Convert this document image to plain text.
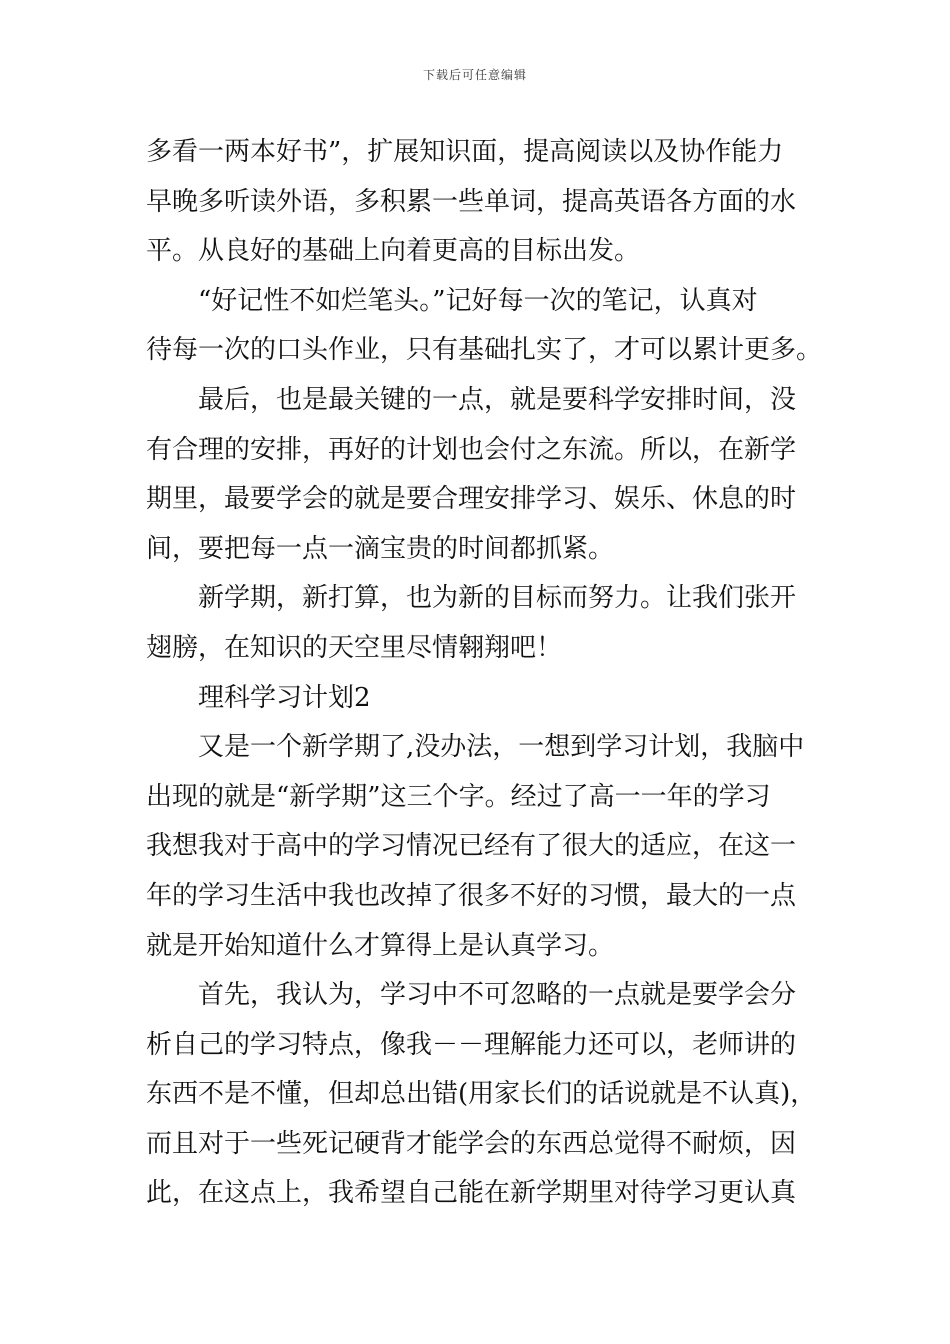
下载后可任意编辑
多看一两本好书”，扩展知识面，提高阅读以及协作能力
早晚多听读外语，多积累一些单词，提高英语各方面的水
平。从良好的基础上向着更高的目标出发。
“好记性不如烂笔头。”记好每一次的笔记，认真对
待每一次的口头作业，只有基础扎实了，才可以累计更多。
最后，也是最关键的一点，就是要科学安排时间，没
有合理的安排，再好的计划也会付之东流。所以，在新学
期里，最要学会的就是要合理安排学习、娱乐、休息的时
间，要把每一点一滴宝贵的时间都抓紧。
新学期，新打算，也为新的目标而努力。让我们张开
翅膀，在知识的天空里尽情翱翔吧！
理科学习计划2
又是一个新学期了,没办法，一想到学习计划，我脑中
出现的就是“新学期”这三个字。经过了高一一年的学习
我想我对于高中的学习情况已经有了很大的适应，在这一
年的学习生活中我也改掉了很多不好的习惯，最大的一点
就是开始知道什么才算得上是认真学习。
首先，我认为，学习中不可忽略的一点就是要学会分
析自己的学习特点，像我－－理解能力还可以，老师讲的
东西不是不懂，但却总出错(用家长们的话说就是不认真)，
而且对于一些死记硬背才能学会的东西总觉得不耐烦，因
此，在这点上，我希望自己能在新学期里对待学习更认真
